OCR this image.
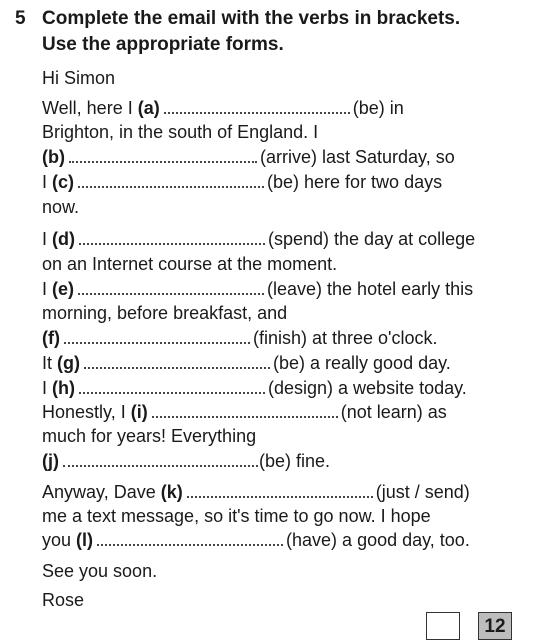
5 Complete the email with the verbs in brackets.
Use the appropriate forms.
Hi Simon
Well, here I (a)	(be) in
Brighton, in the south of England. I
(b)	(arrive) last Saturday, so
I (c)	(be) here for two days
now.
I (d)	(spend) the day at college
on an Internet course at the moment.
I (e)	(leave) the hotel early this
morning, before breakfast, and
(f)	(finish) at three o'clock.
It (g)	(be) a really good day.
I (h)	(design) a website today.
Honestly, I (i)	(not learn) as
much for years! Everything
(j)	(be) fine.
Anyway, Dave (k)	(just / send)
me a text message, so it's time to go now. I hope
you (l)	(have) a good day, too.
See you soon.
Rose
12
